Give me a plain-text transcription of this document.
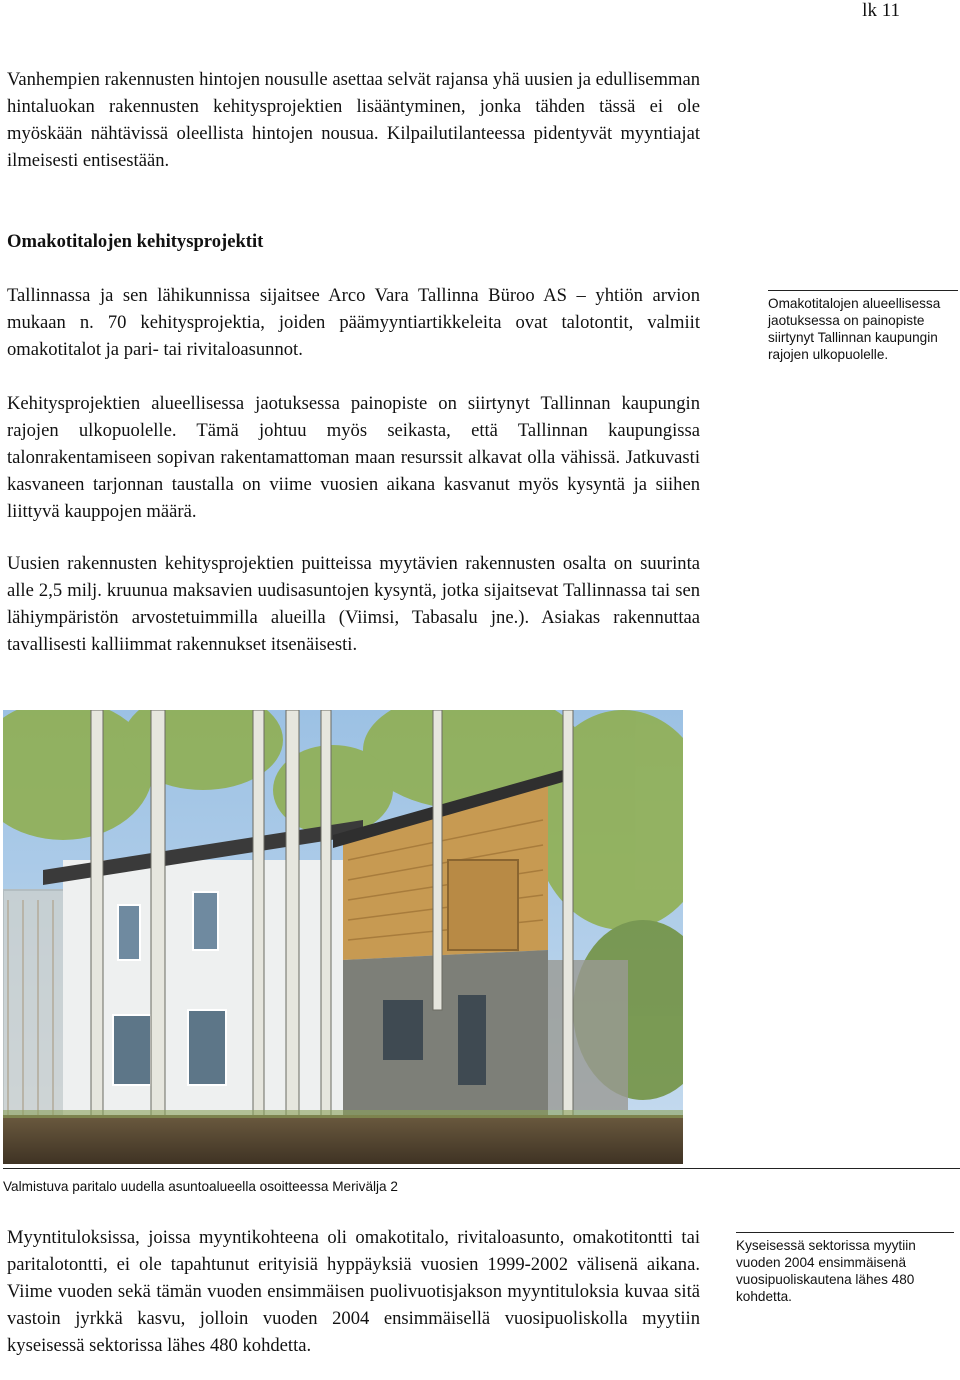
lk 11

Vanhempien rakennusten hintojen nousulle asettaa selvät rajansa yhä uusien ja edullisemman hintaluokan rakennusten kehitysprojektien lisääntyminen, jonka tähden tässä ei ole myöskään nähtävissä oleellista hintojen nousua. Kilpailutilanteessa pidentyvät myyntiajat ilmeisesti entisestään.

Omakotitalojen kehitysprojektit

Tallinnassa ja sen lähikunnissa sijaitsee Arco Vara Tallinna Büroo AS – yhtiön arvion mukaan n. 70 kehitysprojektia, joiden päämyyntiartikkeleita ovat talotontit, valmiit omakotitalot ja pari- tai rivitaloasunnot.

Kehitysprojektien alueellisessa jaotuksessa painopiste on siirtynyt Tallinnan kaupungin rajojen ulkopuolelle. Tämä johtuu myös seikasta, että Tallinnan kaupungissa talonrakentamiseen sopivan rakentamattoman maan resurssit alkavat olla vähissä. Jatkuvasti kasvaneen tarjonnan taustalla on viime vuosien aikana kasvanut myös kysyntä ja siihen liittyvä kauppojen määrä.

Uusien rakennusten kehitysprojektien puitteissa myytävien rakennusten osalta on suurinta alle 2,5 milj. kruunua maksavien uudisasuntojen kysyntä, jotka sijaitsevat Tallinnassa tai sen lähiympäristön arvostetuimmilla alueilla (Viimsi, Tabasalu jne.). Asiakas rakennuttaa tavallisesti kalliimmat rakennukset itsenäisesti.

Omakotitalojen alueellisessa jaotuksessa on painopiste siirtynyt Tallinnan kaupungin rajojen ulkopuolelle.
Valmistuva paritalo uudella asuntoalueella osoitteessa Merivälja 2

Myyntituloksissa, joissa myyntikohteena oli omakotitalo, rivitaloasunto, omakotitontti tai paritalotontti, ei ole tapahtunut erityisiä hyppäyksiä vuosien 1999-2002 välisenä aikana. Viime vuoden sekä tämän vuoden ensimmäisen puolivuotisjakson myyntituloksia kuvaa sitä vastoin jyrkkä kasvu, jolloin vuoden 2004 ensimmäisellä vuosipuoliskolla myytiin kyseisessä sektorissa lähes 480 kohdetta.

Kyseisessä sektorissa myytiin vuoden 2004 ensimmäisenä vuosipuoliskautena lähes 480 kohdetta.
